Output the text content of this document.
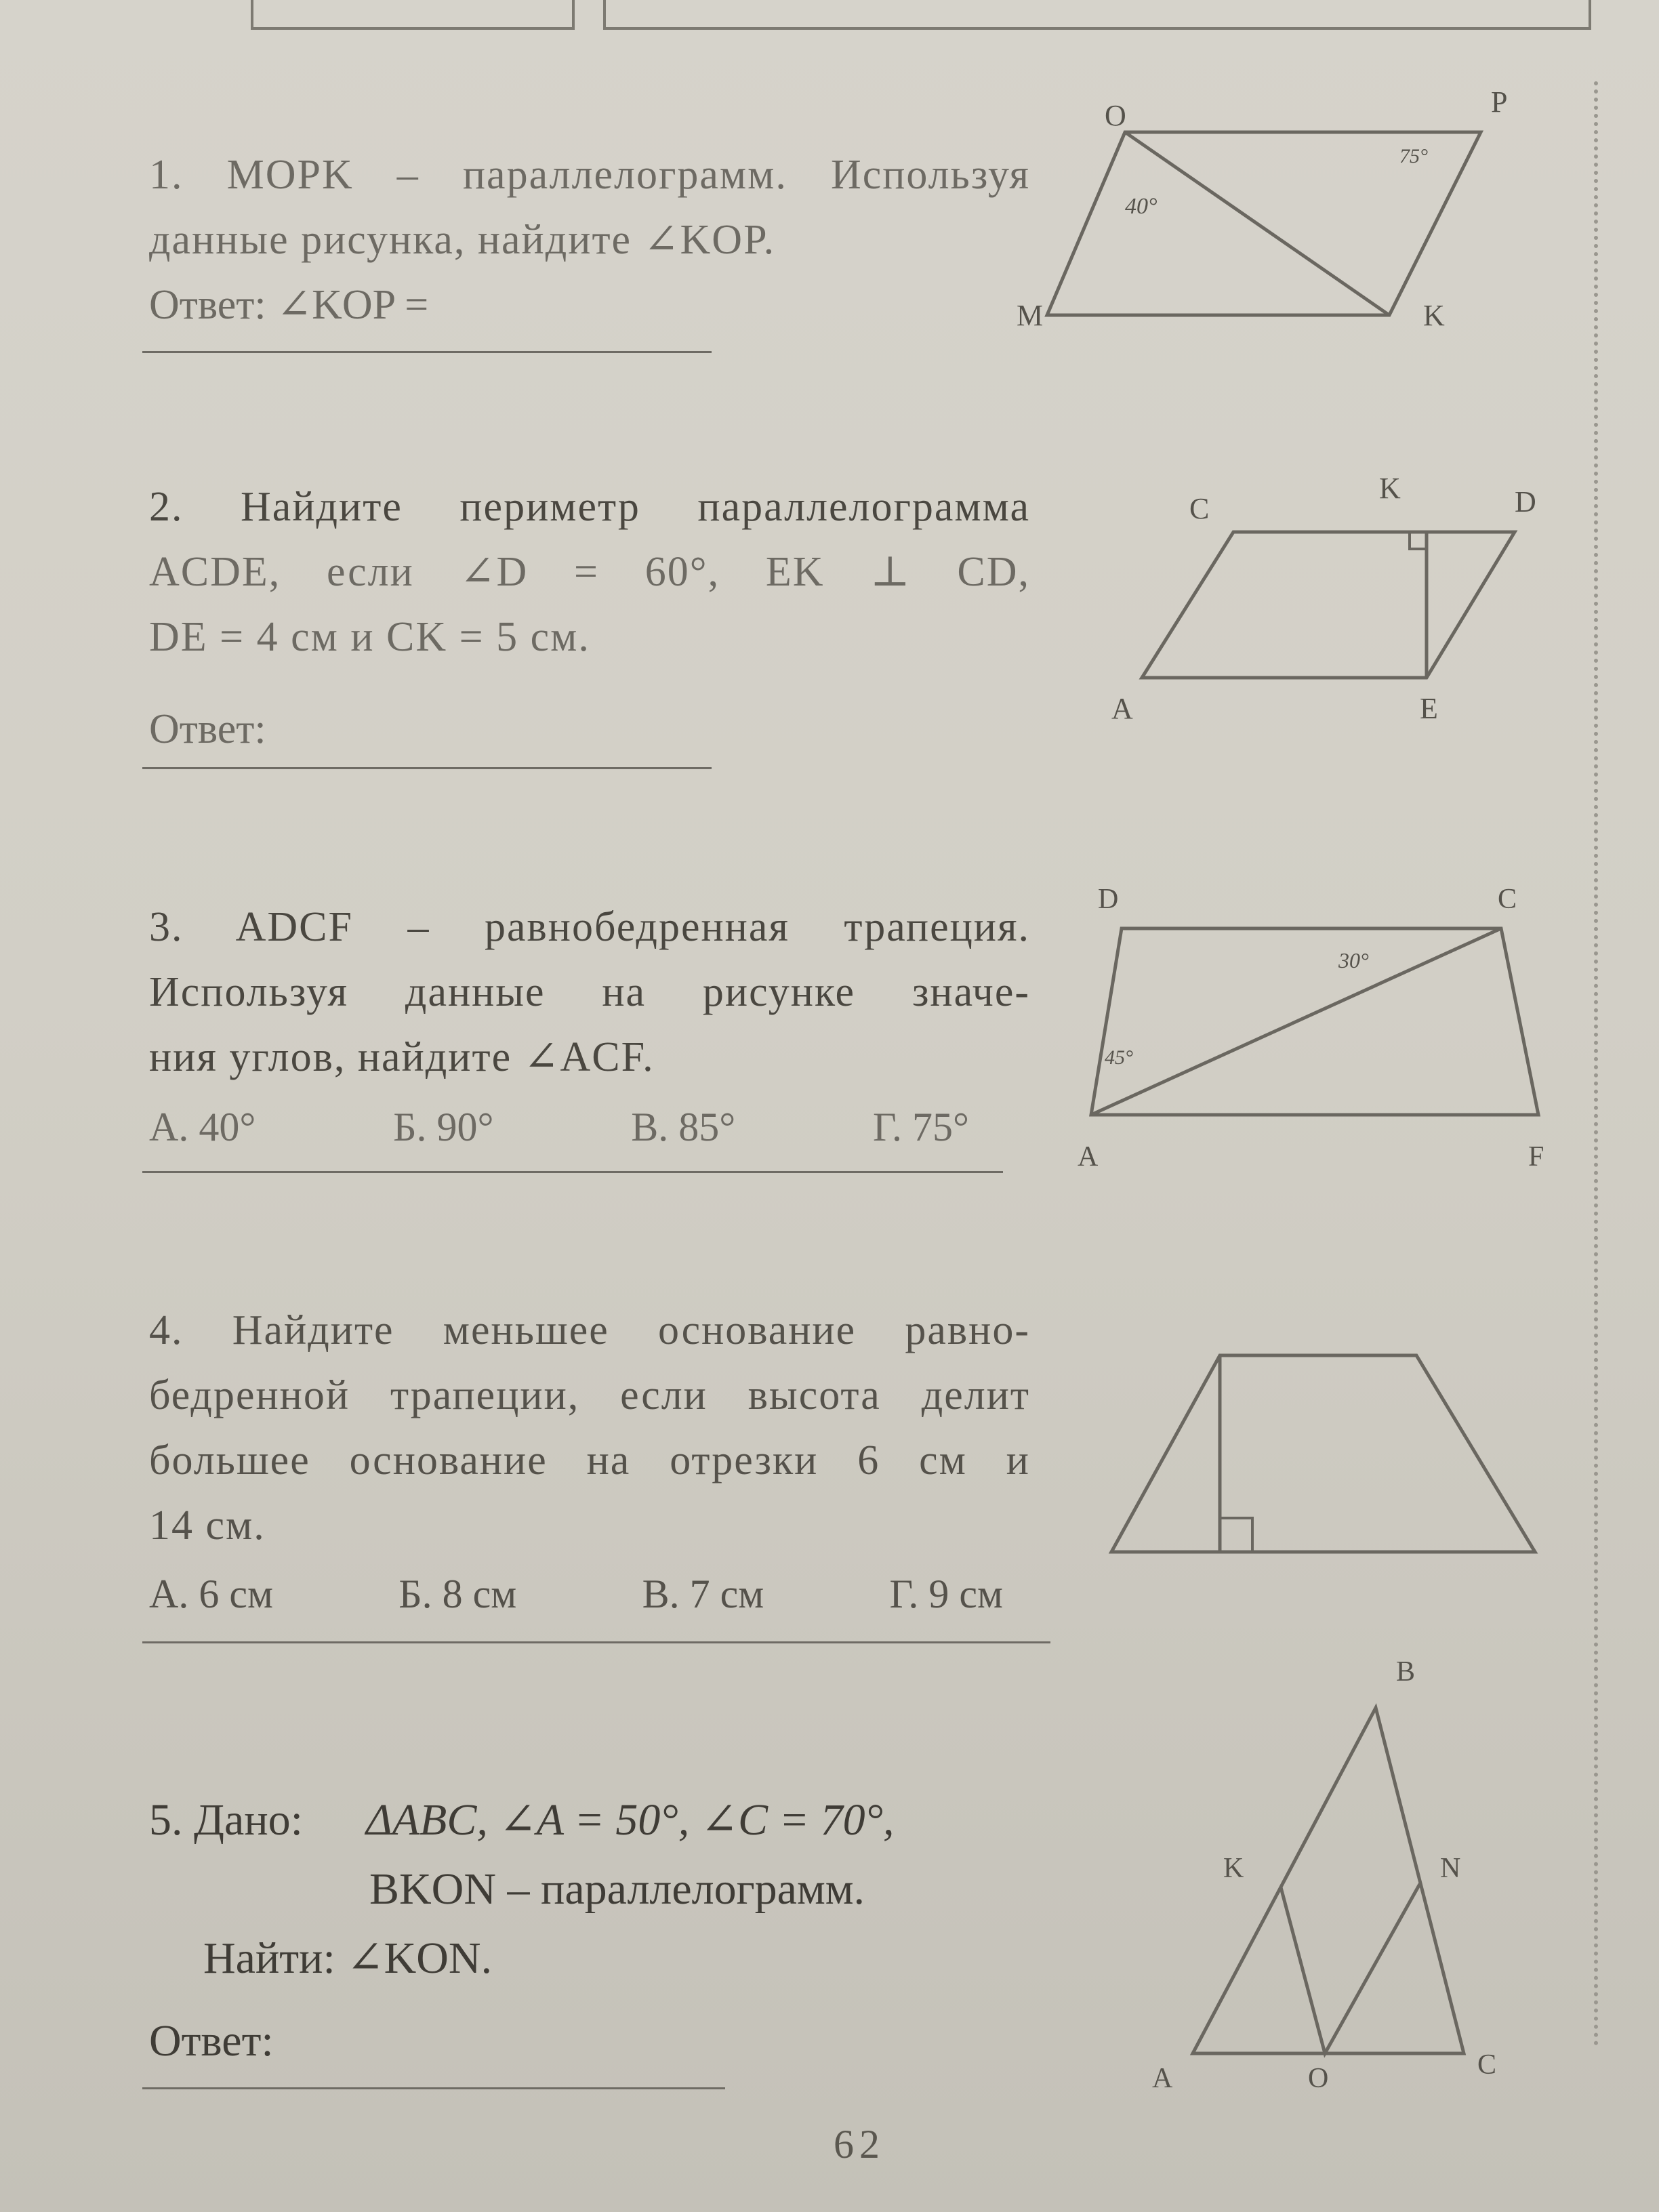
1. MOPK – параллелограмм. Используя
данные рисунка, найдите ∠KOP.
Ответ: ∠KOP =
O	P
M	K
40°
75°
2. Найдите периметр параллелограмма
ACDE, если ∠D = 60°, EK ⊥ CD,
DE = 4 см и CK = 5 см.
Ответ:
C
K	D
A	E
3. ADCF – равнобедренная трапеция.
Используя данные на рисунке значе-
ния углов, найдите ∠ACF.
А. 40°	Б. 90°	В. 85°	Г. 75°
D	C
A	F
30°
45°
4. Найдите меньшее основание равно-
бедренной трапеции, если высота делит
большее основание на отрезки 6 см и
14 см.
А. 6 см	Б. 8 см	В. 7 см	Г. 9 см
5. Дано: ΔABC, ∠A = 50°, ∠C = 70°,
BKON – параллелограмм.
Найти: ∠KON.
Ответ:
B
K	N
A	O	C
62
